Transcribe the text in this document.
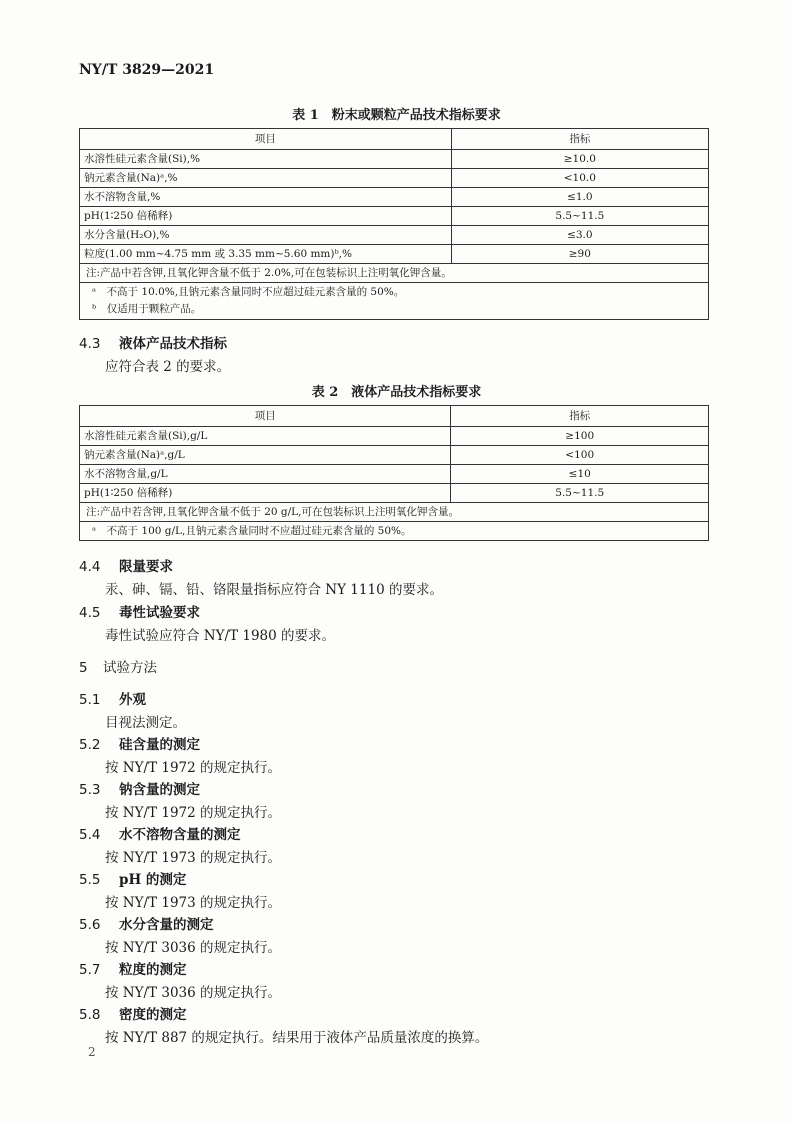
NY/T 3829—2021
表 1　粉末或颗粒产品技术指标要求
项目	指标
水溶性硅元素含量(Si),%	≥10.0
钠元素含量(Na)ᵃ,%	<10.0
水不溶物含量,%	≤1.0
pH(1∶250 倍稀释)	5.5~11.5
水分含量(H₂O),%	≤3.0
粒度(1.00 mm~4.75 mm 或 3.35 mm~5.60 mm)ᵇ,%	≥90
注:产品中若含钾,且氧化钾含量不低于 2.0%,可在包装标识上注明氧化钾含量。	

ᵃ　不高于 10.0%,且钠元素含量同时不应超过硅元素含量的 50%。
ᵇ　仅适用于颗粒产品。	
4.3 液体产品技术指标
应符合表 2 的要求。
表 2　液体产品技术指标要求
项目	指标
水溶性硅元素含量(Si),g/L	≥100
钠元素含量(Na)ᵃ,g/L	<100
水不溶物含量,g/L	≤10
pH(1∶250 倍稀释)	5.5~11.5
注:产品中若含钾,且氧化钾含量不低于 20 g/L,可在包装标识上注明氧化钾含量。	
ᵃ　不高于 100 g/L,且钠元素含量同时不应超过硅元素含量的 50%。	
4.4 限量要求
汞、砷、镉、铅、铬限量指标应符合 NY 1110 的要求。
4.5 毒性试验要求
毒性试验应符合 NY/T 1980 的要求。
5 试验方法
5.1 外观
目视法测定。
5.2 硅含量的测定
按 NY/T 1972 的规定执行。
5.3 钠含量的测定
按 NY/T 1972 的规定执行。
5.4 水不溶物含量的测定
按 NY/T 1973 的规定执行。
5.5 pH 的测定
按 NY/T 1973 的规定执行。
5.6 水分含量的测定
按 NY/T 3036 的规定执行。
5.7 粒度的测定
按 NY/T 3036 的规定执行。
5.8 密度的测定
按 NY/T 887 的规定执行。结果用于液体产品质量浓度的换算。
2
